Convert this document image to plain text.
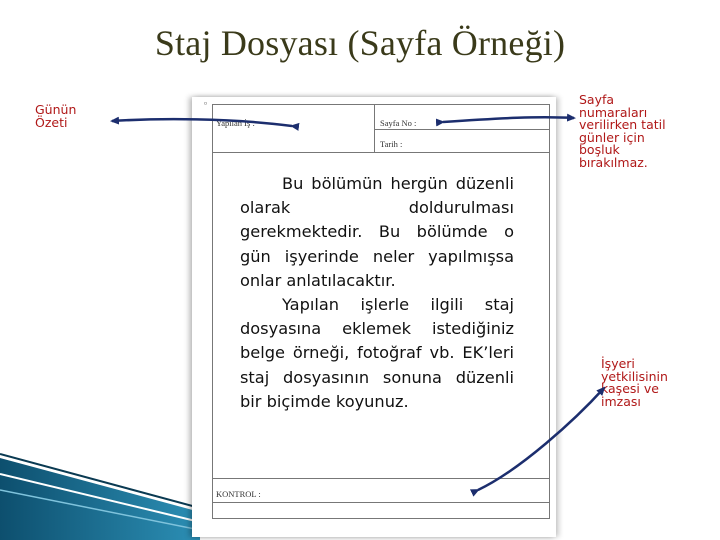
Staj Dosyası (Sayfa Örneği)
▫
Yapılan İş :	Sayfa No :
Tarih :
KONTROL :

Bu bölümün hergün düzenli olarak doldurulması gerekmektedir. Bu bölümde o gün işyerinde neler yapılmışsa onlar anlatılacaktır.

Yapılan işlerle ilgili staj dosyasına eklemek istediğiniz belge örneği, fotoğraf vb. EK’leri staj dosyasının sonuna düzenli bir biçimde koyunuz.

Günün Özeti
Sayfa numaraları verilirken tatil günler için boşluk bırakılmaz.
İşyeri yetkilisinin kaşesi ve imzası
